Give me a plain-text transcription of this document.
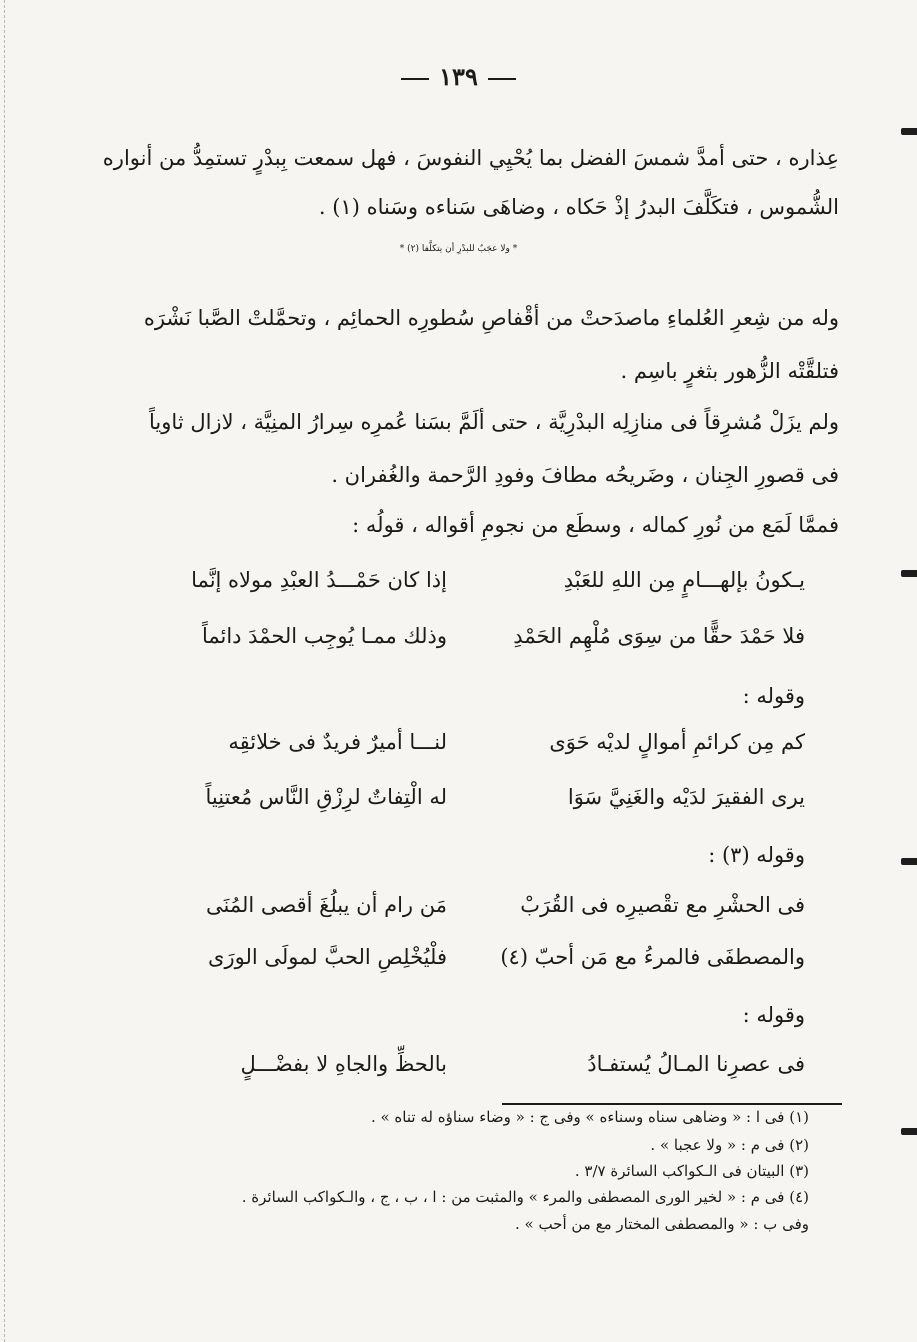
١٣٩
عِذاره ، حتى أمدَّ شمسَ الفضل بما يُحْيِي النفوسَ ، فهل سمعت بِبدْرٍ تستمِدُّ من أنواره
الشُّموس ، فتكَلَّفَ البدرُ إذْ حَكاه ، وضاهَى سَناءه وسَناه (١) .
* ولا عجَبٌ للبدْرِ أن يتكلَّفا (٢) *
وله من شِعرِ العُلماءِ ماصدَحتْ من أقْفاصِ سُطورِه الحمائِم ، وتحمَّلتْ الصَّبا نَشْرَه
فتلقَّتْه الزُّهور بثغرٍ باسِم .
ولم يزَلْ مُشرِقاً فى منازِلِه البدْرِيَّة ، حتى ألَمَّ بسَنا عُمرِه سِرارُ المنِيَّة ، لازال ثاوياً
فى قصورِ الجِنان ، وضَريحُه مطافَ وفودِ الرَّحمة والغُفران .
فممَّا لَمَع من نُورِ كماله ، وسطَع من نجومِ أقواله ، قولُه :
إذا كان حَمْـــدُ العبْدِ مولاه إنَّما	يـكونُ بإلهـــامٍ مِن اللهِ للعَبْدِ
وذلك ممـا يُوجِب الحمْدَ دائماً	فلا حَمْدَ حقًّا من سِوَى مُلْهِم الحَمْدِ
وقوله :
لنـــا أميرٌ فريدٌ فى خلائقِه	كم مِن كرائمِ أموالٍ لديْه حَوَى
له الْتِفاتٌ لرِزْقِ النَّاس مُعتنِياً	يرى الفقيرَ لدَيْه والغَنِيَّ سَوَا
وقوله (٣) :
مَن رام أن يبلُغَ أقصى المُنَى	فى الحشْرِ مع تقْصيرِه فى القُرَبْ
فلْيُخْلِصِ الحبَّ لمولَى الورَى	والمصطفَى فالمرءُ مع مَن أحبّ (٤)
وقوله :
بالحظِّ والجاهِ لا بفضْـــلٍ	فى عصرِنا المـالُ يُستفـادُ
(١) فى ا : « وضاهى سناه وسناءه » وفى ج : « وضاء سناؤه له تناه » .
(٢) فى م : « ولا عجبا » .
(٣) البيتان فى الـكواكب السائرة ٣/٧ .
(٤) فى م : « لخير الورى المصطفى والمرء » والمثبت من : ا ، ب ، ج ، والـكواكب السائرة .
وفى ب : « والمصطفى المختار مع من أحب » .
